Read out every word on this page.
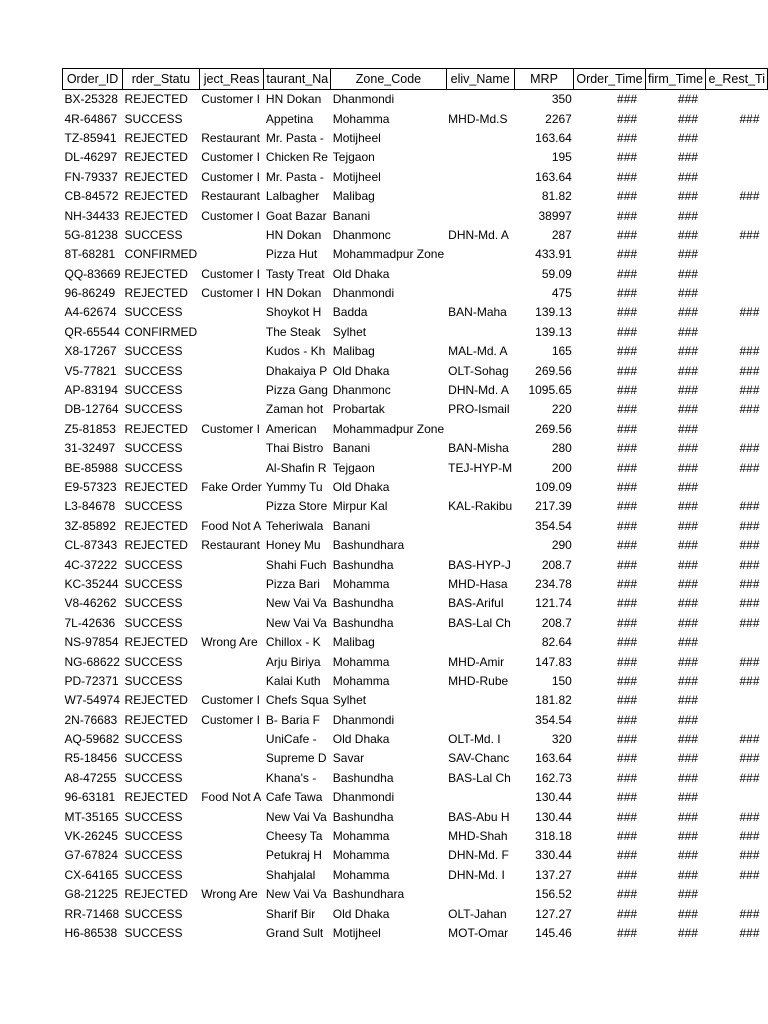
Order_ID	rder_Statu	ject_Reas	taurant_Na	Zone_Code	eliv_Name	MRP	Order_Time	firm_Time	e_Rest_Ti
BX-25328	REJECTED	Customer I	HN Dokan	Dhanmondi		350	###	###	
4R-64867	SUCCESS		Appetina	Mohamma	MHD-Md.S	2267	###	###	###
TZ-85941	REJECTED	Restaurant	Mr. Pasta -	Motijheel		163.64	###	###	
DL-46297	REJECTED	Customer I	Chicken Re	Tejgaon		195	###	###	
FN-79337	REJECTED	Customer I	Mr. Pasta -	Motijheel		163.64	###	###	
CB-84572	REJECTED	Restaurant	Lalbagher	Malibag		81.82	###	###	###
NH-34433	REJECTED	Customer I	Goat Bazar	Banani		38997	###	###	
5G-81238	SUCCESS		HN Dokan	Dhanmonc	DHN-Md. A	287	###	###	###
8T-68281	CONFIRMED		Pizza Hut	Mohammadpur Zone		433.91	###	###	
QQ-83669	REJECTED	Customer I	Tasty Treat	Old Dhaka		59.09	###	###	
96-86249	REJECTED	Customer I	HN Dokan	Dhanmondi		475	###	###	
A4-62674	SUCCESS		Shoykot H	Badda	BAN-Maha	139.13	###	###	###
QR-65544	CONFIRMED		The Steak	Sylhet		139.13	###	###	
X8-17267	SUCCESS		Kudos - Kh	Malibag	MAL-Md. A	165	###	###	###
V5-77821	SUCCESS		Dhakaiya P	Old Dhaka	OLT-Sohag	269.56	###	###	###
AP-83194	SUCCESS		Pizza Gang	Dhanmonc	DHN-Md. A	1095.65	###	###	###
DB-12764	SUCCESS		Zaman hot	Probartak	PRO-Ismail	220	###	###	###
Z5-81853	REJECTED	Customer I	American	Mohammadpur Zone		269.56	###	###	
31-32497	SUCCESS		Thai Bistro	Banani	BAN-Misha	280	###	###	###
BE-85988	SUCCESS		Al-Shafin R	Tejgaon	TEJ-HYP-M	200	###	###	###
E9-57323	REJECTED	Fake Order	Yummy Tu	Old Dhaka		109.09	###	###	
L3-84678	SUCCESS		Pizza Store	Mirpur Kal	KAL-Rakibu	217.39	###	###	###
3Z-85892	REJECTED	Food Not A	Teheriwala	Banani		354.54	###	###	###
CL-87343	REJECTED	Restaurant	Honey Mu	Bashundhara		290	###	###	###
4C-37222	SUCCESS		Shahi Fuch	Bashundha	BAS-HYP-J	208.7	###	###	###
KC-35244	SUCCESS		Pizza Bari	Mohamma	MHD-Hasa	234.78	###	###	###
V8-46262	SUCCESS		New Vai Va	Bashundha	BAS-Ariful	121.74	###	###	###
7L-42636	SUCCESS		New Vai Va	Bashundha	BAS-Lal Ch	208.7	###	###	###
NS-97854	REJECTED	Wrong Are	Chillox - K	Malibag		82.64	###	###	
NG-68622	SUCCESS		Arju Biriya	Mohamma	MHD-Amir	147.83	###	###	###
PD-72371	SUCCESS		Kalai Kuth	Mohamma	MHD-Rube	150	###	###	###
W7-54974	REJECTED	Customer I	Chefs Squa	Sylhet		181.82	###	###	
2N-76683	REJECTED	Customer I	B- Baria F	Dhanmondi		354.54	###	###	
AQ-59682	SUCCESS		UniCafe -	Old Dhaka	OLT-Md. I	320	###	###	###
R5-18456	SUCCESS		Supreme D	Savar	SAV-Chanc	163.64	###	###	###
A8-47255	SUCCESS		Khana's -	Bashundha	BAS-Lal Ch	162.73	###	###	###
96-63181	REJECTED	Food Not A	Cafe Tawa	Dhanmondi		130.44	###	###	
MT-35165	SUCCESS		New Vai Va	Bashundha	BAS-Abu H	130.44	###	###	###
VK-26245	SUCCESS		Cheesy Ta	Mohamma	MHD-Shah	318.18	###	###	###
G7-67824	SUCCESS		Petukraj H	Mohamma	DHN-Md. F	330.44	###	###	###
CX-64165	SUCCESS		Shahjalal	Mohamma	DHN-Md. I	137.27	###	###	###
G8-21225	REJECTED	Wrong Are	New Vai Va	Bashundhara		156.52	###	###	
RR-71468	SUCCESS		Sharif Bir	Old Dhaka	OLT-Jahan	127.27	###	###	###
H6-86538	SUCCESS		Grand Sult	Motijheel	MOT-Omar	145.46	###	###	###
